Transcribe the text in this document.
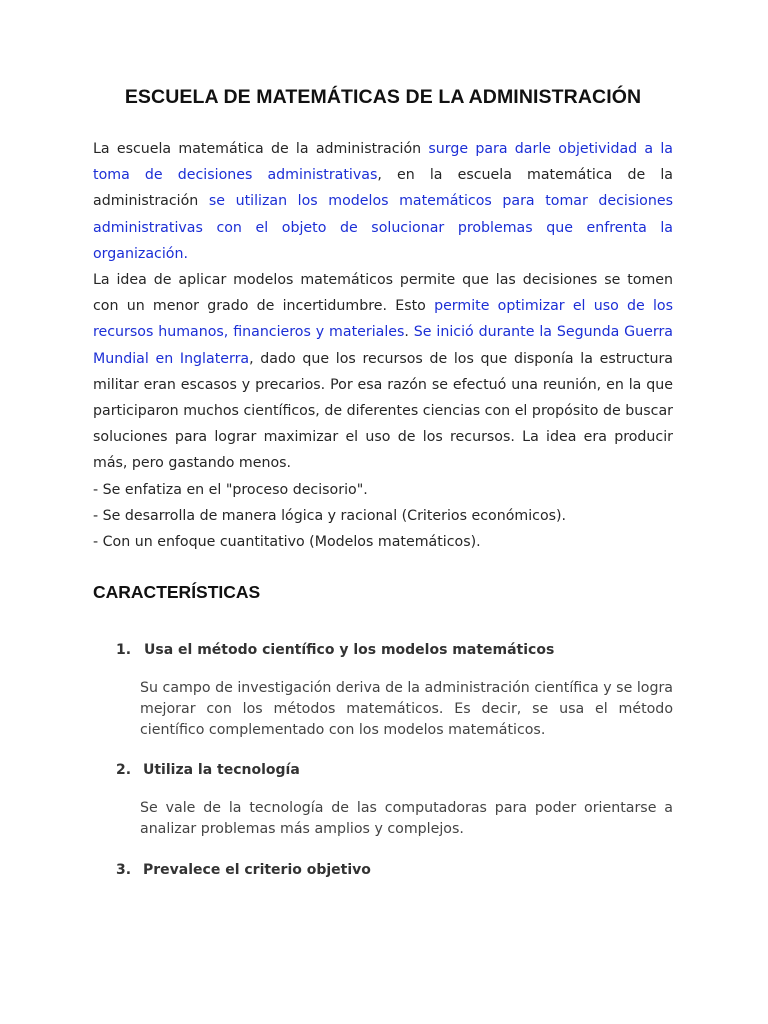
ESCUELA DE MATEMÁTICAS DE LA ADMINISTRACIÓN

La escuela matemática de la administración surge para darle objetividad a la toma de decisiones administrativas, en la escuela matemática de la administración se utilizan los modelos matemáticos para tomar decisiones administrativas con el objeto de solucionar problemas que enfrenta la organización.

La idea de aplicar modelos matemáticos permite que las decisiones se tomen con un menor grado de incertidumbre. Esto permite optimizar el uso de los recursos humanos, financieros y materiales. Se inició durante la Segunda Guerra Mundial en Inglaterra, dado que los recursos de los que disponía la estructura militar eran escasos y precarios. Por esa razón se efectuó una reunión, en la que participaron muchos científicos, de diferentes ciencias con el propósito de buscar soluciones para lograr maximizar el uso de los recursos. La idea era producir más, pero gastando menos.

- Se enfatiza en el "proceso decisorio".

- Se desarrolla de manera lógica y racional (Criterios económicos).

- Con un enfoque cuantitativo (Modelos matemáticos).

CARACTERÍSTICAS
1. Usa el método científico y los modelos matemáticos
Su campo de investigación deriva de la administración científica y se logra mejorar con los métodos matemáticos. Es decir, se usa el método científico complementado con los modelos matemáticos.
2. Utiliza la tecnología
Se vale de la tecnología de las computadoras para poder orientarse a analizar problemas más amplios y complejos.
3. Prevalece el criterio objetivo
